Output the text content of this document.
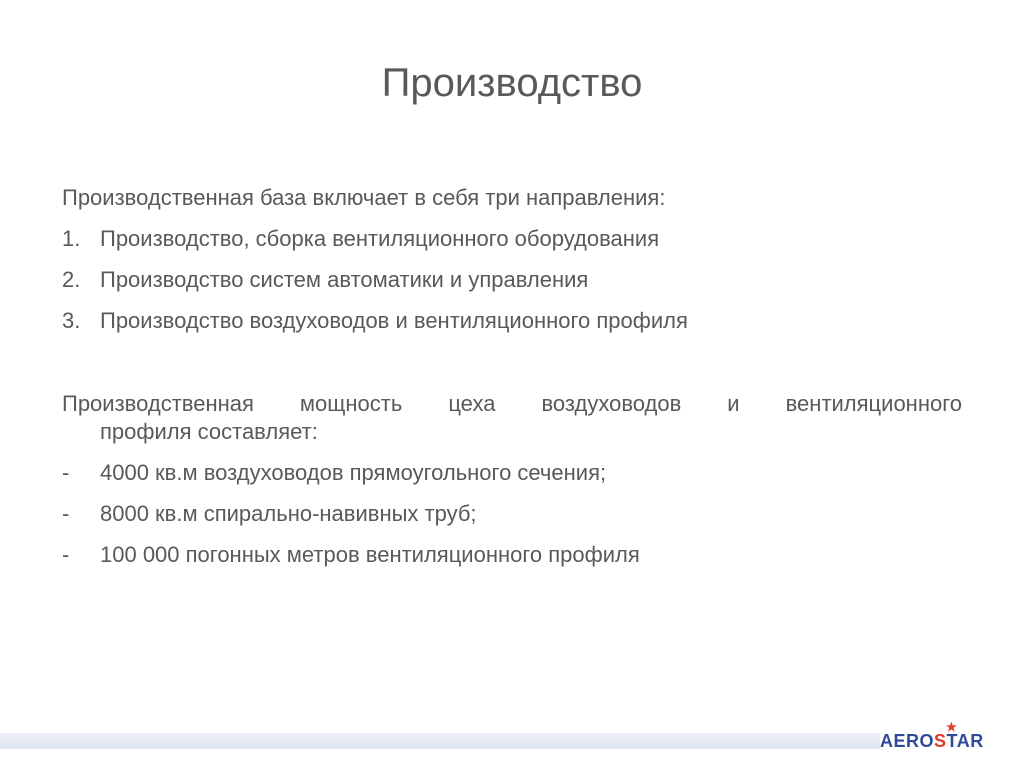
Производство

Производственная база включает в себя три направления:

1. Производство, сборка вентиляционного оборудования
2. Производство систем автоматики и управления
3. Производство воздуховодов и вентиляционного профиля

Производственная мощность цеха воздуховодов и вентиляционного

профиля составляет:

-	4000 кв.м воздуховодов прямоугольного сечения;
-	8000 кв.м спирально-навивных труб;
-	100 000 погонных метров вентиляционного профиля
AERO S TAR
★
